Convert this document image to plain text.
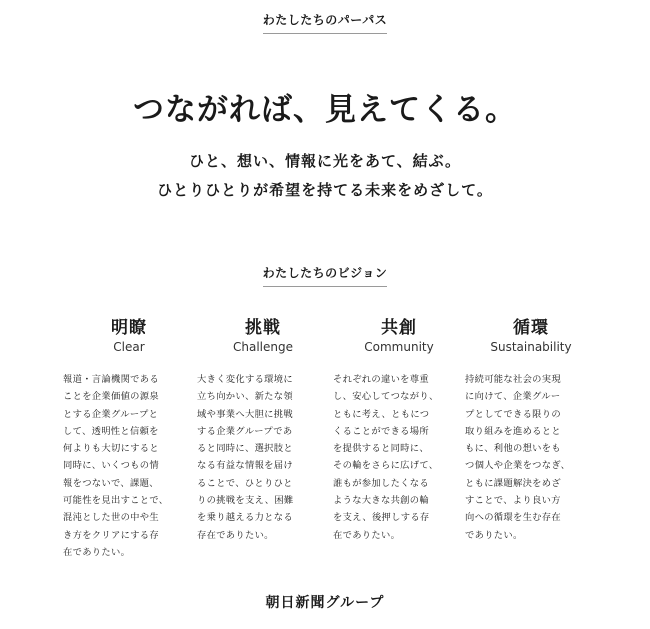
わたしたちのパーパス
つながれば、見えてくる。
ひと、想い、情報に光をあて、結ぶ。
ひとりひとりが希望を持てる未来をめざして。
わたしたちのビジョン
明瞭
Clear
報道・言論機関である
ことを企業価値の源泉
とする企業グループと
して、透明性と信頼を
何よりも大切にすると
同時に、いくつもの情
報をつないで、課題、
可能性を見出すことで、
混沌とした世の中や生
き方をクリアにする存
在でありたい。
挑戦
Challenge
大きく変化する環境に
立ち向かい、新たな領
域や事業へ大胆に挑戦
する企業グループであ
ると同時に、選択肢と
なる有益な情報を届け
ることで、ひとりひと
りの挑戦を支え、困難
を乗り越える力となる
存在でありたい。
共創
Community
それぞれの違いを尊重
し、安心してつながり、
ともに考え、ともにつ
くることができる場所
を提供すると同時に、
その輪をさらに広げて、
誰もが参加したくなる
ような大きな共創の輪
を支え、後押しする存
在でありたい。
循環
Sustainability
持続可能な社会の実現
に向けて、企業グルー
プとしてできる限りの
取り組みを進めるとと
もに、利他の想いをも
つ個人や企業をつなぎ、
ともに課題解決をめざ
すことで、より良い方
向への循環を生む存在
でありたい。
朝日新聞グループ
